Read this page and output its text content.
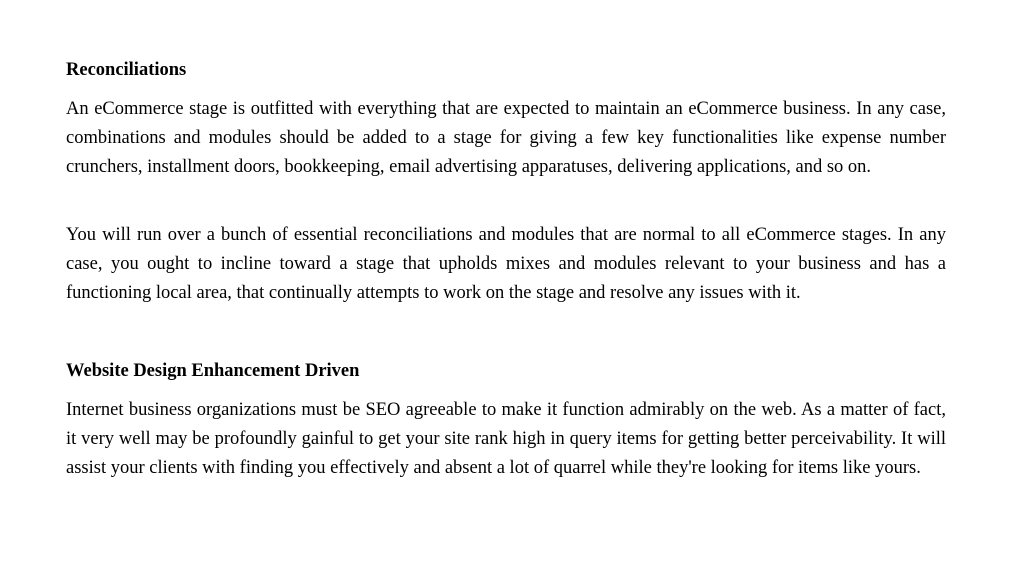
Reconciliations

An eCommerce stage is outfitted with everything that are expected to maintain an eCommerce business. In any case, combinations and modules should be added to a stage for giving a few key functionalities like expense number crunchers, installment doors, bookkeeping, email advertising apparatuses, delivering applications, and so on.

You will run over a bunch of essential reconciliations and modules that are normal to all eCommerce stages. In any case, you ought to incline toward a stage that upholds mixes and modules relevant to your business and has a functioning local area, that continually attempts to work on the stage and resolve any issues with it.

Website Design Enhancement Driven

Internet business organizations must be SEO agreeable to make it function admirably on the web. As a matter of fact, it very well may be profoundly gainful to get your site rank high in query items for getting better perceivability. It will assist your clients with finding you effectively and absent a lot of quarrel while they're looking for items like yours.
